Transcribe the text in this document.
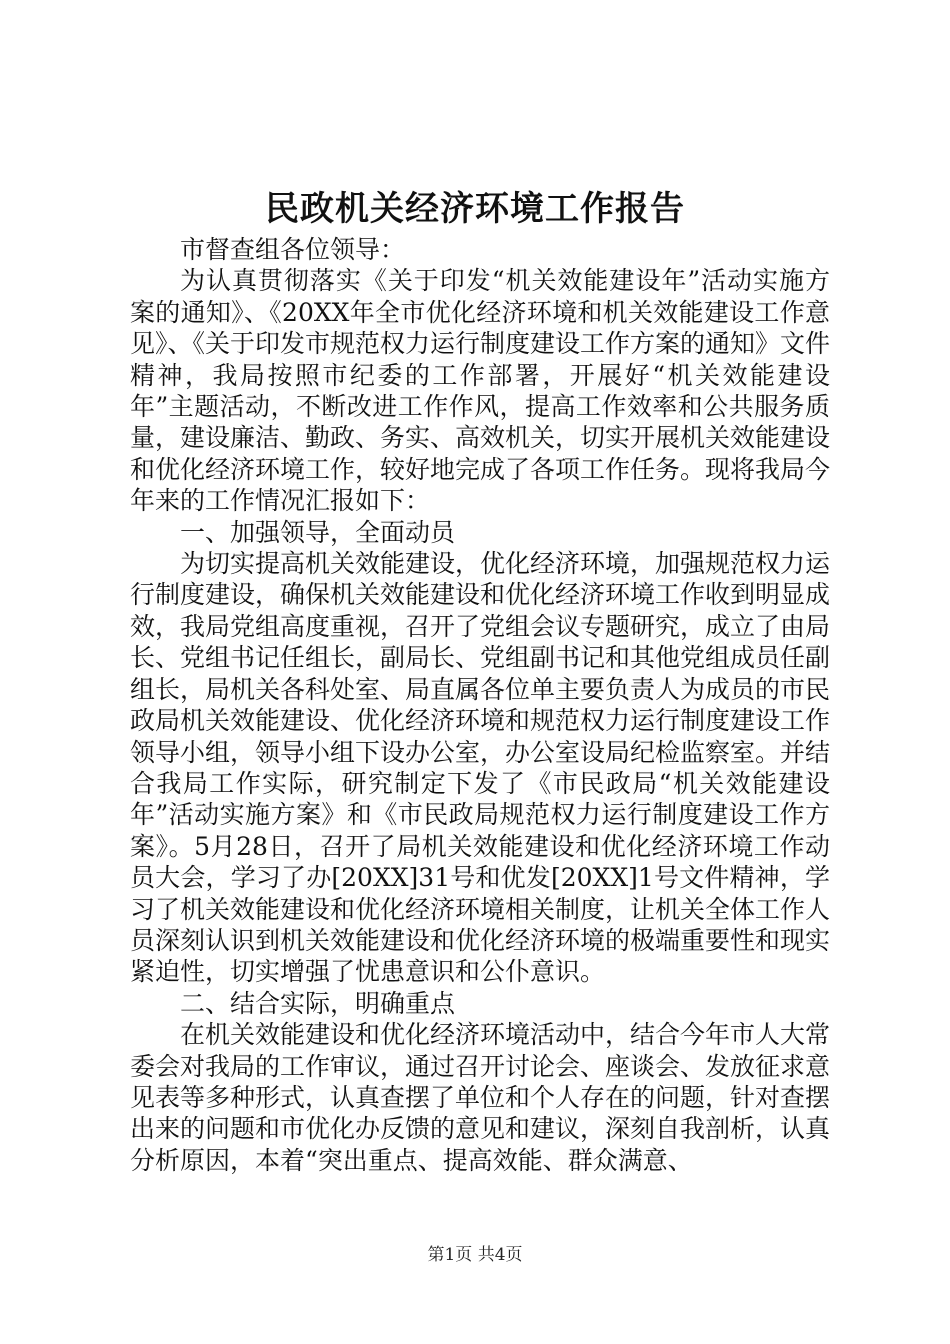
民政机关经济环境工作报告

市督查组各位领导：

为认真贯彻落实《关于印发“机关效能建设年”活动实施方案的通知》、《20XX年全市优化经济环境和机关效能建设工作意见》、《关于印发市规范权力运行制度建设工作方案的通知》文件精神，我局按照市纪委的工作部署，开展好“机关效能建设年”主题活动，不断改进工作作风，提高工作效率和公共服务质量，建设廉洁、勤政、务实、高效机关，切实开展机关效能建设和优化经济环境工作，较好地完成了各项工作任务。现将我局今年来的工作情况汇报如下：

一、加强领导，全面动员

为切实提高机关效能建设，优化经济环境，加强规范权力运行制度建设，确保机关效能建设和优化经济环境工作收到明显成效，我局党组高度重视，召开了党组会议专题研究，成立了由局长、党组书记任组长，副局长、党组副书记和其他党组成员任副组长，局机关各科处室、局直属各位单主要负责人为成员的市民政局机关效能建设、优化经济环境和规范权力运行制度建设工作领导小组，领导小组下设办公室，办公室设局纪检监察室。并结合我局工作实际，研究制定下发了《市民政局“机关效能建设年”活动实施方案》和《市民政局规范权力运行制度建设工作方案》。5月28日，召开了局机关效能建设和优化经济环境工作动员大会，学习了办[20XX]31号和优发[20XX]1号文件精神，学习了机关效能建设和优化经济环境相关制度，让机关全体工作人员深刻认识到机关效能建设和优化经济环境的极端重要性和现实紧迫性，切实增强了忧患意识和公仆意识。

二、结合实际，明确重点

在机关效能建设和优化经济环境活动中，结合今年市人大常委会对我局的工作审议，通过召开讨论会、座谈会、发放征求意见表等多种形式，认真查摆了单位和个人存在的问题，针对查摆出来的问题和市优化办反馈的意见和建议，深刻自我剖析，认真分析原因，本着“突出重点、提高效能、群众满意、

第1页 共4页
